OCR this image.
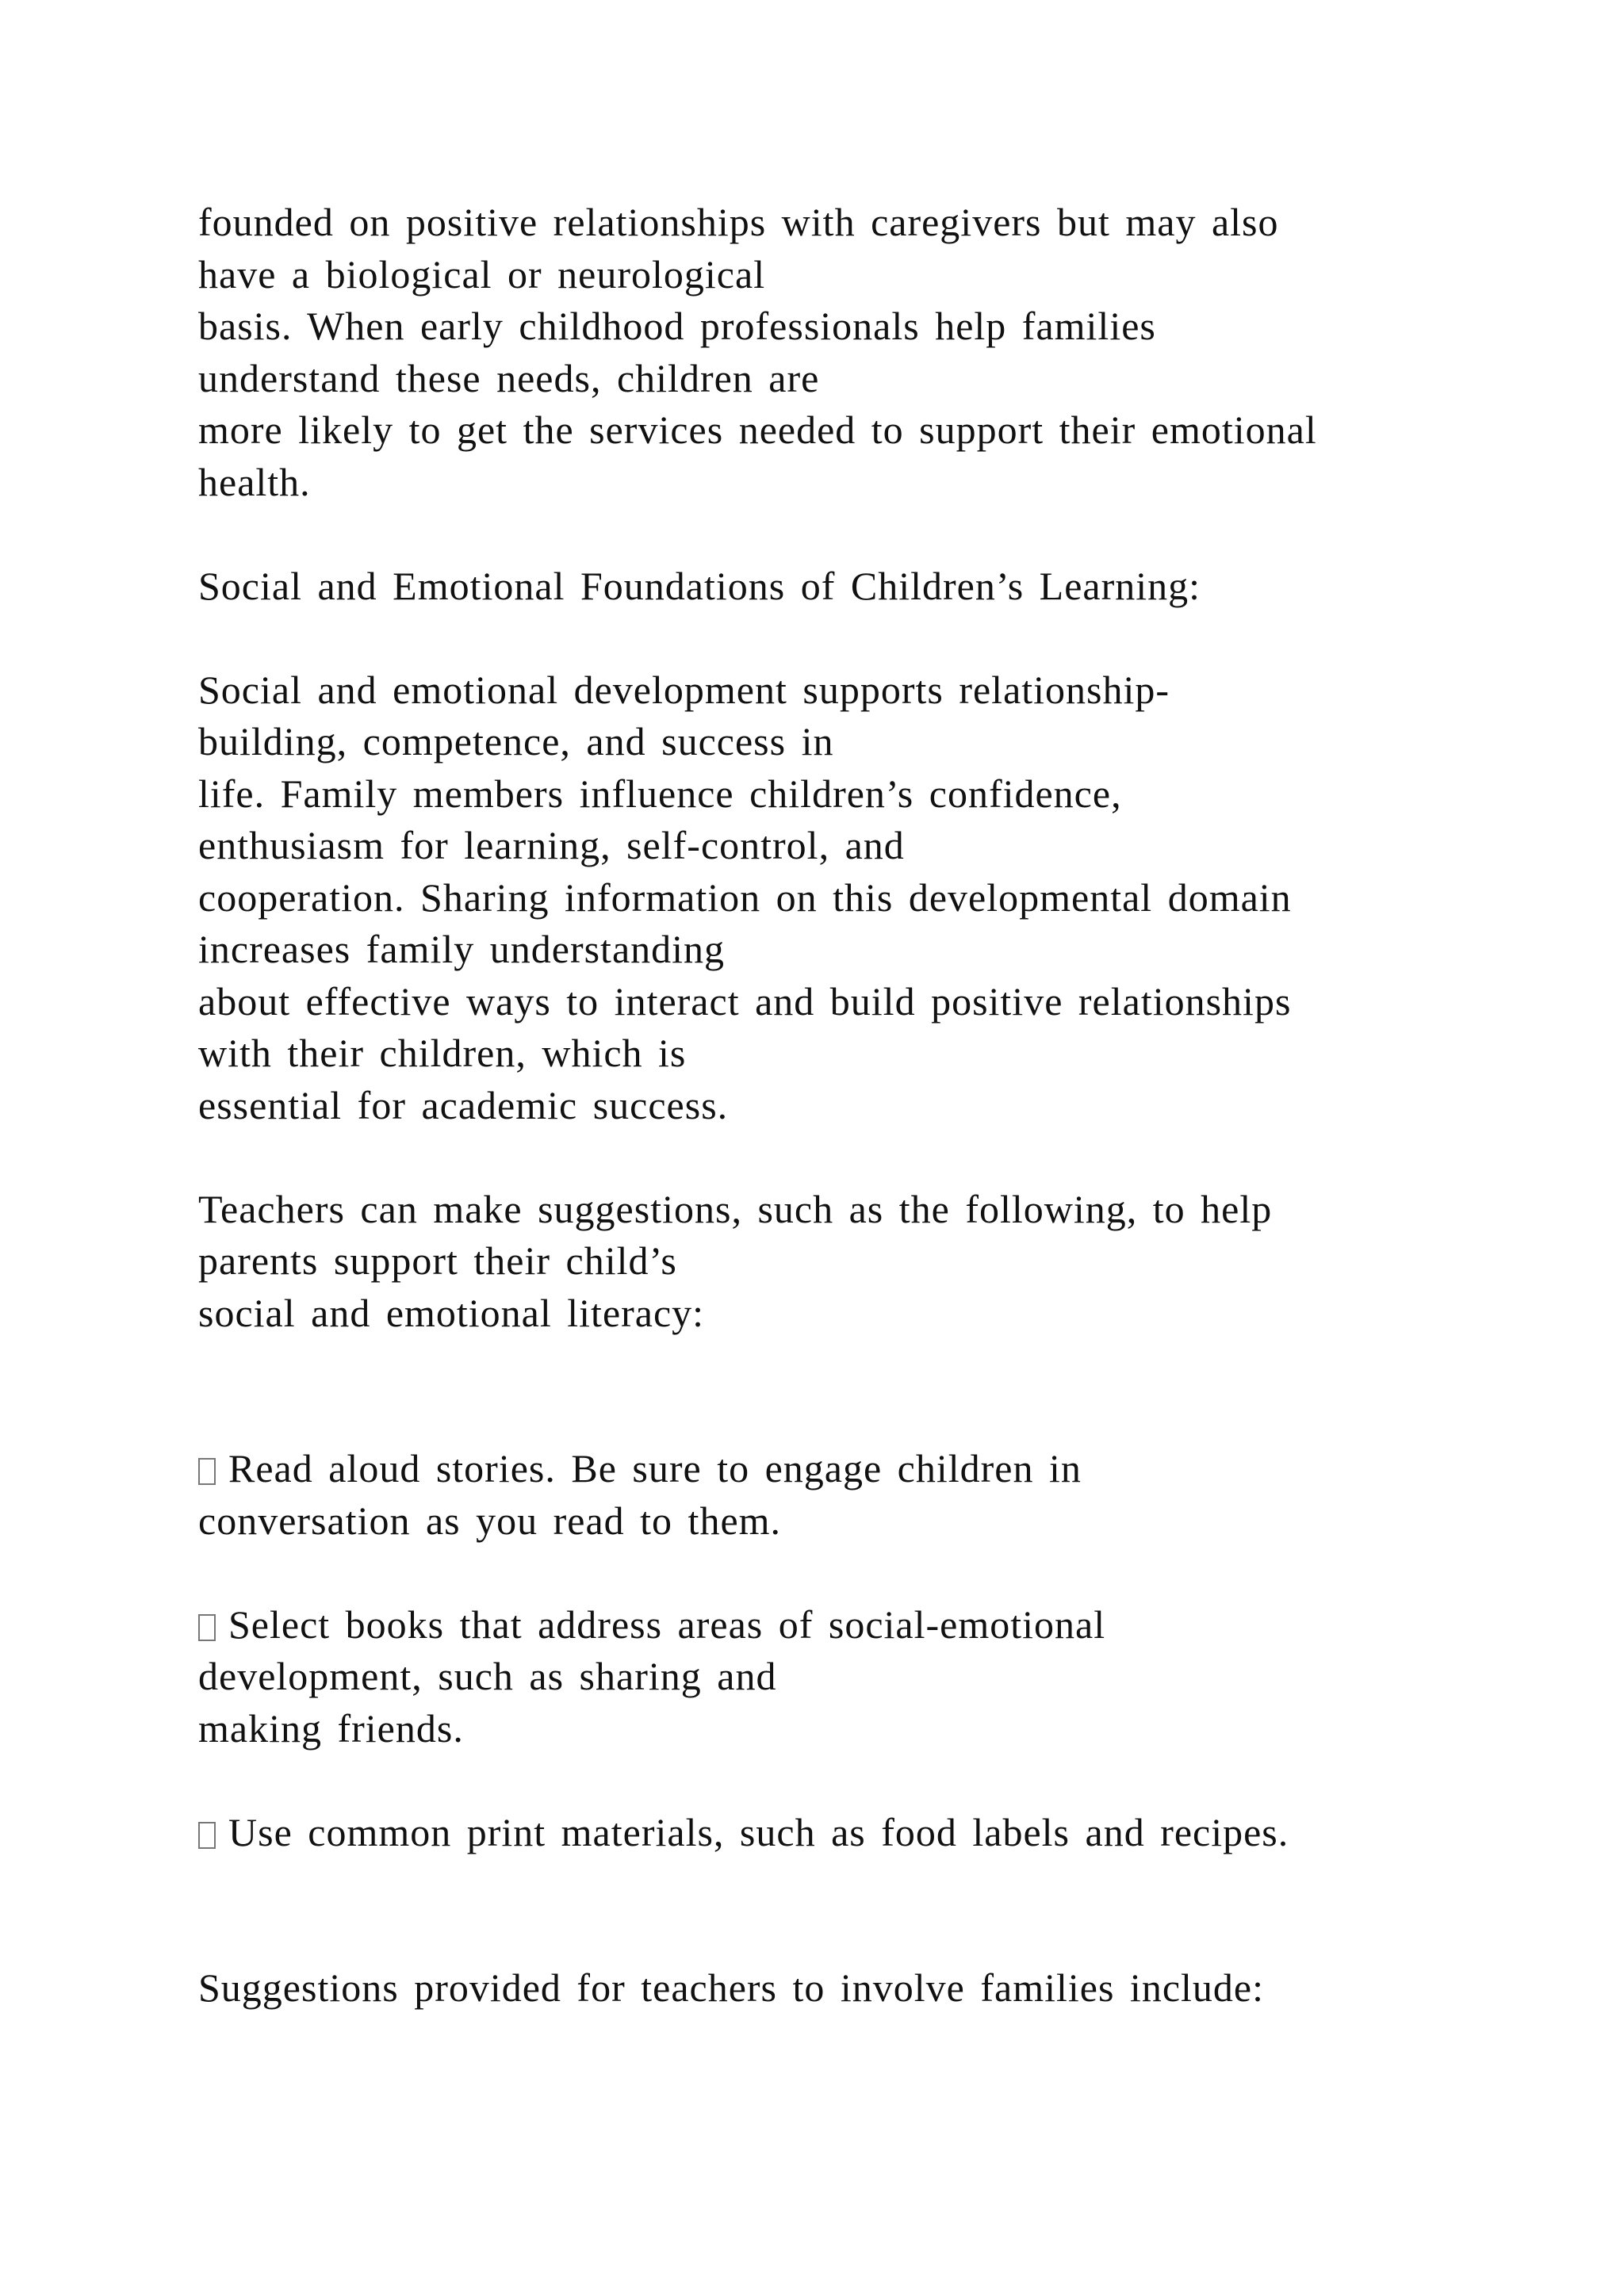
founded on positive relationships with caregivers but may also
have a biological or neurological
basis. When early childhood professionals help families
understand these needs, children are
more likely to get the services needed to support their emotional
health.
Social and Emotional Foundations of Children’s Learning:
Social and emotional development supports relationship-
building, competence, and success in
life. Family members influence children’s confidence,
enthusiasm for learning, self-control, and
cooperation. Sharing information on this developmental domain
increases family understanding
about effective ways to interact and build positive relationships
with their children, which is
essential for academic success.
Teachers can make suggestions, such as the following, to help
parents support their child’s
social and emotional literacy:
Read aloud stories. Be sure to engage children in
conversation as you read to them.
Select books that address areas of social-emotional
development, such as sharing and
making friends.
Use common print materials, such as food labels and recipes.
Suggestions provided for teachers to involve families include:
